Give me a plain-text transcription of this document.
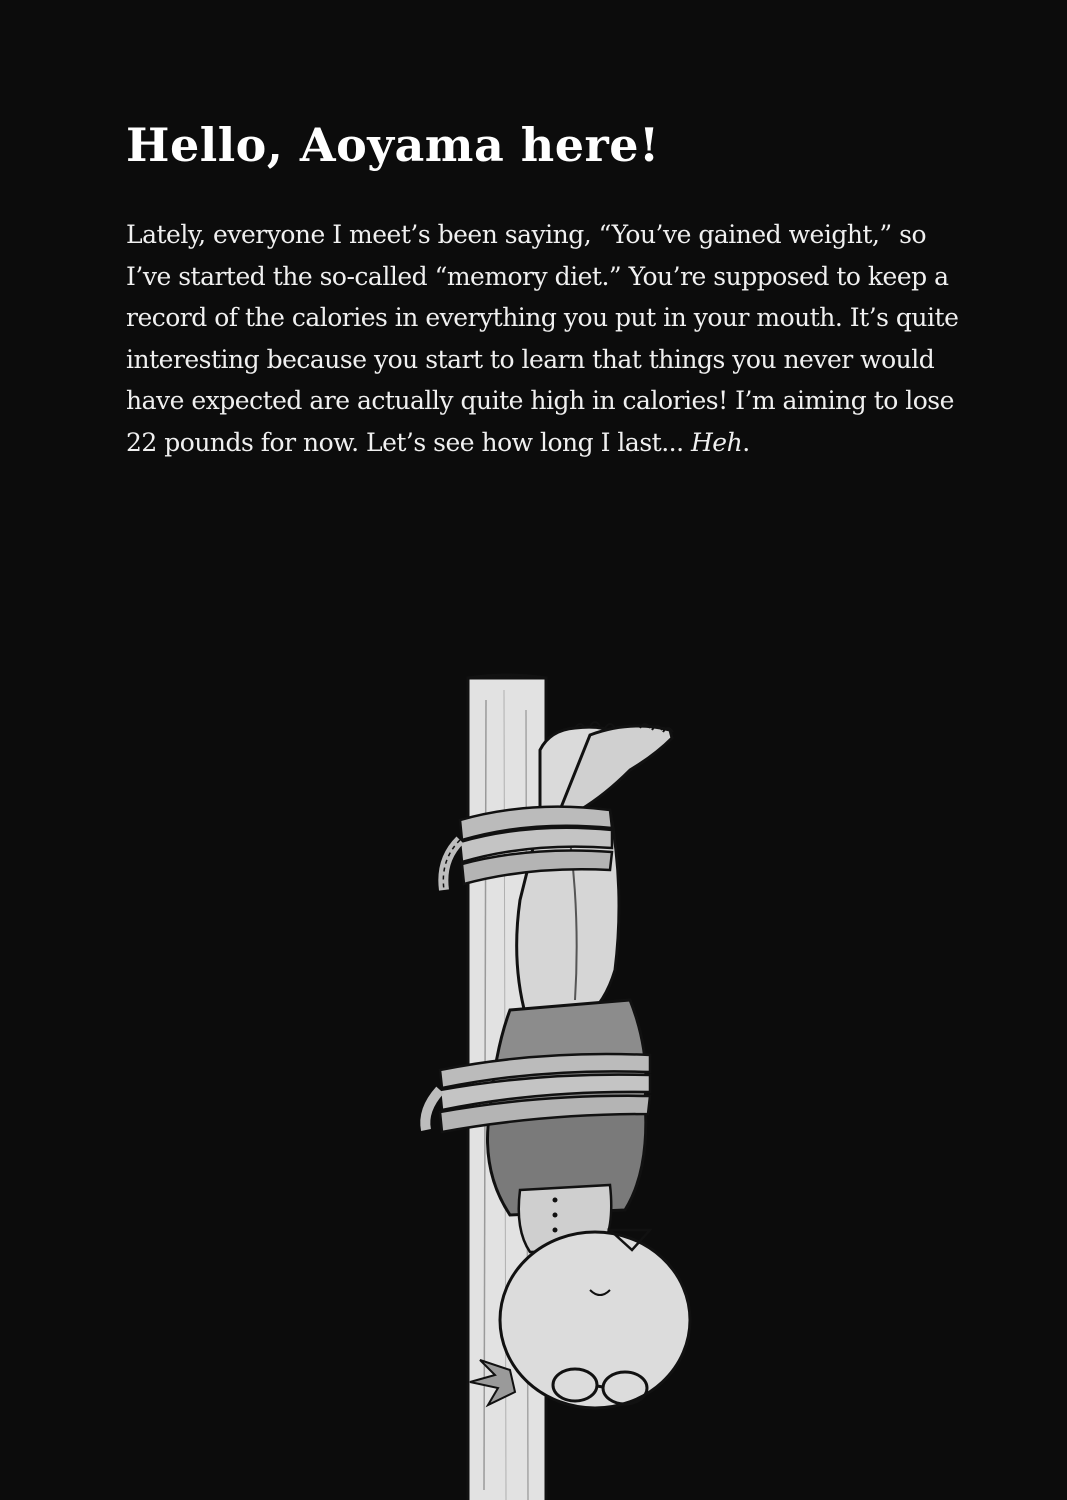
Hello, Aoyama here!

Lately, everyone I meet’s been saying, “You’ve gained weight,” so
I’ve started the so-called “memory diet.” You’re supposed to keep a
record of the calories in everything you put in your mouth. It’s quite
interesting because you start to learn that things you never would
have expected are actually quite high in calories! I’m aiming to lose
22 pounds for now. Let’s see how long I last... Heh.
